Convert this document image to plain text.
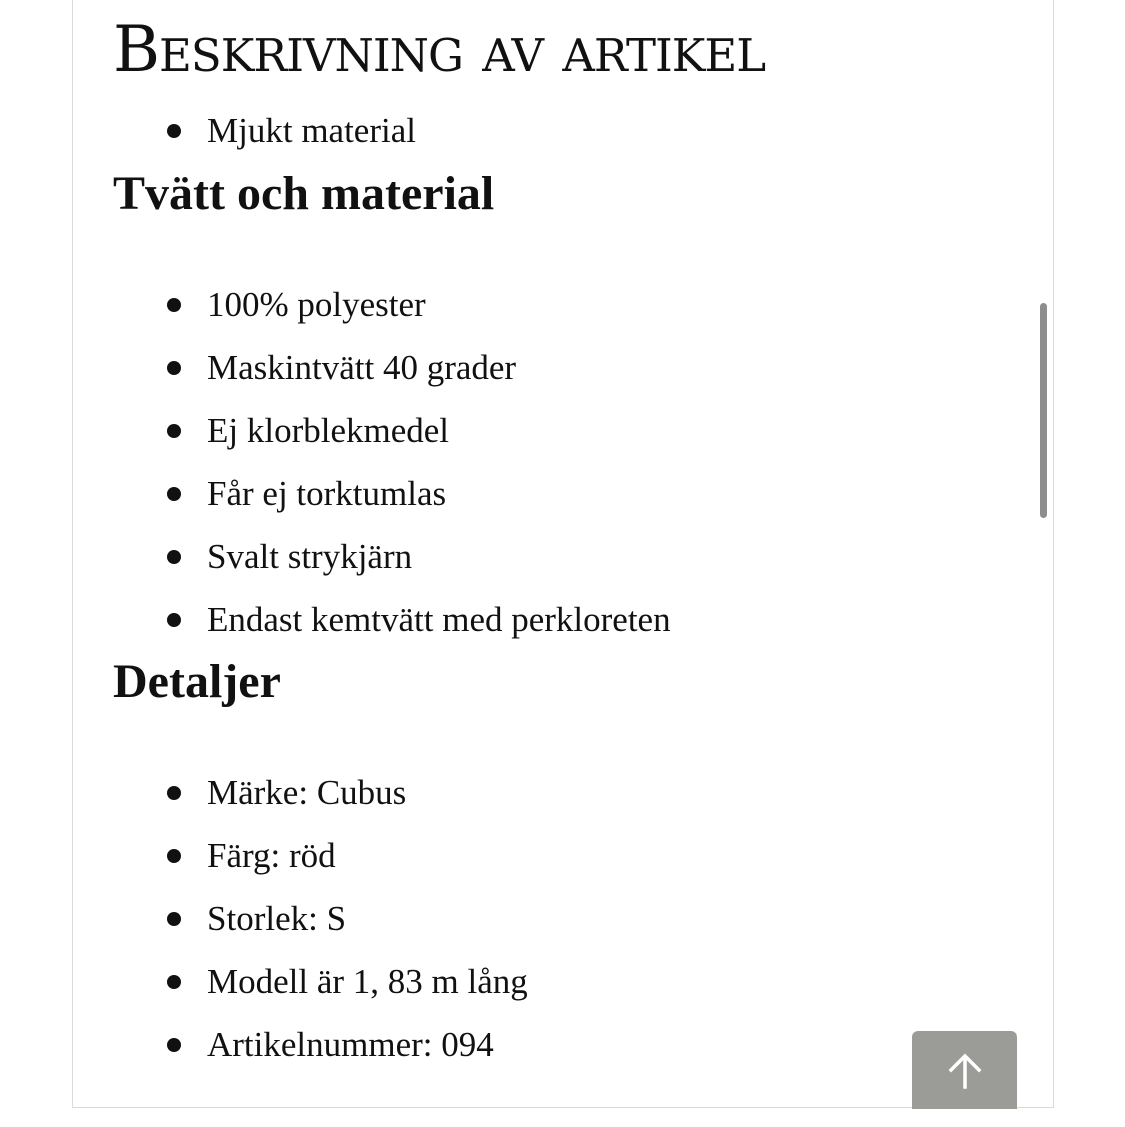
Beskrivning av artikel
Mjukt material
Tvätt och material
100% polyester
Maskintvätt 40 grader
Ej klorblekmedel
Får ej torktumlas
Svalt strykjärn
Endast kemtvätt med perkloreten
Detaljer
Märke: Cubus
Färg: röd
Storlek: S
Modell är 1, 83 m lång
Artikelnummer: 094
